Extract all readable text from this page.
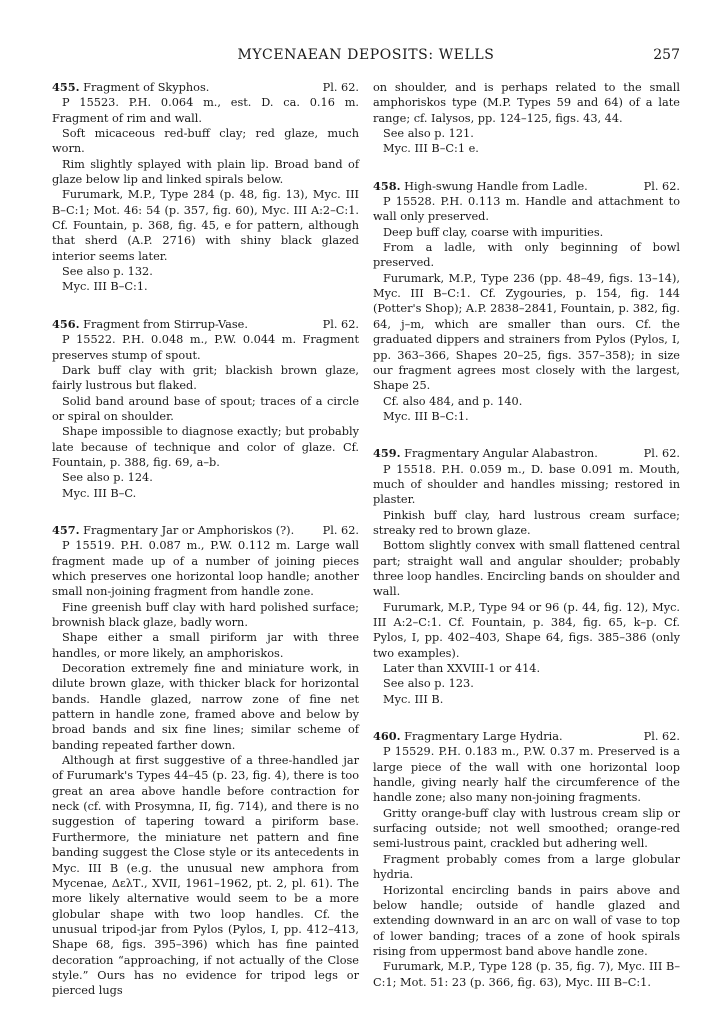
MYCENAEAN DEPOSITS: WELLS	257
455. Fragment of Skyphos.	Pl. 62.

P 15523. P.H. 0.064 m., est. D. ca. 0.16 m. Fragment of rim and wall.

Soft micaceous red-buff clay; red glaze, much worn.

Rim slightly splayed with plain lip. Broad band of glaze below lip and linked spirals below.

Furumark, M.P., Type 284 (p. 48, fig. 13), Myc. III B–C:1; Mot. 46: 54 (p. 357, fig. 60), Myc. III A:2–C:1. Cf. Fountain, p. 368, fig. 45, e for pattern, although that sherd (A.P. 2716) with shiny black glazed interior seems later.

See also p. 132.

Myc. III B–C:1.

456. Fragment from Stirrup-Vase.	Pl. 62.

P 15522. P.H. 0.048 m., P.W. 0.044 m. Fragment preserves stump of spout.

Dark buff clay with grit; blackish brown glaze, fairly lustrous but flaked.

Solid band around base of spout; traces of a circle or spiral on shoulder.

Shape impossible to diagnose exactly; but probably late because of technique and color of glaze. Cf. Fountain, p. 388, fig. 69, a–b.

See also p. 124.

Myc. III B–C.

457. Fragmentary Jar or Amphoriskos (?).	Pl. 62.

P 15519. P.H. 0.087 m., P.W. 0.112 m. Large wall fragment made up of a number of joining pieces which preserves one horizontal loop handle; another small non-joining fragment from handle zone.

Fine greenish buff clay with hard polished surface; brownish black glaze, badly worn.

Shape either a small piriform jar with three handles, or more likely, an amphoriskos.

Decoration extremely fine and miniature work, in dilute brown glaze, with thicker black for horizontal bands. Handle glazed, narrow zone of fine net pattern in handle zone, framed above and below by broad bands and six fine lines; similar scheme of banding repeated farther down.

Although at first suggestive of a three-handled jar of Furumark's Types 44–45 (p. 23, fig. 4), there is too great an area above handle before contraction for neck (cf. with Prosymna, II, fig. 714), and there is no suggestion of tapering toward a piriform base. Furthermore, the miniature net pattern and fine banding suggest the Close style or its antecedents in Myc. III B (e.g. the unusual new amphora from Mycenae, ΔελΤ., XVII, 1961–1962, pt. 2, pl. 61). The more likely alternative would seem to be a more globular shape with two loop handles. Cf. the unusual tripod-jar from Pylos (Pylos, I, pp. 412–413, Shape 68, figs. 395–396) which has fine painted decoration “approaching, if not actually of the Close style.” Ours has no evidence for tripod legs or pierced lugs

on shoulder, and is perhaps related to the small amphoriskos type (M.P. Types 59 and 64) of a late range; cf. Ialysos, pp. 124–125, figs. 43, 44.

See also p. 121.

Myc. III B–C:1 e.

458. High-swung Handle from Ladle.	Pl. 62.

P 15528. P.H. 0.113 m. Handle and attachment to wall only preserved.

Deep buff clay, coarse with impurities.

From a ladle, with only beginning of bowl preserved.

Furumark, M.P., Type 236 (pp. 48–49, figs. 13–14), Myc. III B–C:1. Cf. Zygouries, p. 154, fig. 144 (Potter's Shop); A.P. 2838–2841, Fountain, p. 382, fig. 64, j–m, which are smaller than ours. Cf. the graduated dippers and strainers from Pylos (Pylos, I, pp. 363–366, Shapes 20–25, figs. 357–358); in size our fragment agrees most closely with the largest, Shape 25.

Cf. also 484, and p. 140.

Myc. III B–C:1.

459. Fragmentary Angular Alabastron.	Pl. 62.

P 15518. P.H. 0.059 m., D. base 0.091 m. Mouth, much of shoulder and handles missing; restored in plaster.

Pinkish buff clay, hard lustrous cream surface; streaky red to brown glaze.

Bottom slightly convex with small flattened central part; straight wall and angular shoulder; probably three loop handles. Encircling bands on shoulder and wall.

Furumark, M.P., Type 94 or 96 (p. 44, fig. 12), Myc. III A:2–C:1. Cf. Fountain, p. 384, fig. 65, k–p. Cf. Pylos, I, pp. 402–403, Shape 64, figs. 385–386 (only two examples).

Later than XXVIII-1 or 414.

See also p. 123.

Myc. III B.

460. Fragmentary Large Hydria.	Pl. 62.

P 15529. P.H. 0.183 m., P.W. 0.37 m. Preserved is a large piece of the wall with one horizontal loop handle, giving nearly half the circumference of the handle zone; also many non-joining fragments.

Gritty orange-buff clay with lustrous cream slip or surfacing outside; not well smoothed; orange-red semi-lustrous paint, crackled but adhering well.

Fragment probably comes from a large globular hydria.

Horizontal encircling bands in pairs above and below handle; outside of handle glazed and extending downward in an arc on wall of vase to top of lower banding; traces of a zone of hook spirals rising from uppermost band above handle zone.

Furumark, M.P., Type 128 (p. 35, fig. 7), Myc. III B–C:1; Mot. 51: 23 (p. 366, fig. 63), Myc. III B–C:1.
